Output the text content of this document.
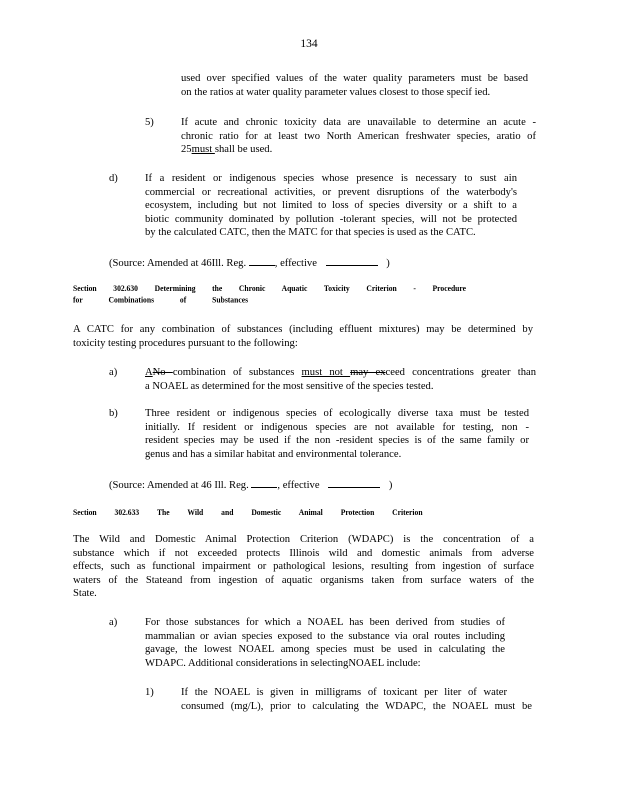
134
used over specified values of the water quality parameters must be based
on the ratios at water quality parameter values closest to those specif ied.
5)	If acute and chronic toxicity data are unavailable to determine an acute -
chronic ratio for at least two North American freshwater species, aratio of
25must shall be used.
d)	If a resident or indigenous species whose presence is necessary to sust ain
commercial or recreational activities, or prevent disruptions of the waterbody's
ecosystem, including but not limited to loss of species diversity or a shift to a
biotic community dominated by pollution -tolerant species, will not be protected
by the calculated CATC, then the MATC for that species is used as the CATC.
(Source: Amended at 46Ill. Reg.	, effective	)
Section 302.630 Determining the Chronic Aquatic Toxicity Criterion - Procedure
for Combinations of Substances
A CATC for any combination of substances (including effluent mixtures) may be determined by
toxicity testing procedures pursuant to the following:
a)	ANo combination of substances must not may exceed concentrations greater than
a NOAEL as determined for the most sensitive of the species tested.
b)	Three resident or indigenous species of ecologically diverse taxa must be tested
initially. If resident or indigenous species are not available for testing, non -
resident species may be used if the non -resident species is of the same family or
genus and has a similar habitat and environmental tolerance.
(Source: Amended at 46 Ill. Reg.	, effective	)
Section 302.633 The Wild and Domestic Animal Protection Criterion
The Wild and Domestic Animal Protection Criterion (WDAPC) is the concentration of a
substance which if not exceeded protects Illinois wild and domestic animals from adverse
effects, such as functional impairment or pathological lesions, resulting from ingestion of surface
waters of the Stateand from ingestion of aquatic organisms taken from surface waters of the
State.
a)	For those substances for which a NOAEL has been derived from studies of
mammalian or avian species exposed to the substance via oral routes including
gavage, the lowest NOAEL among species must be used in calculating the
WDAPC. Additional considerations in selectingNOAEL include:
1)	If the NOAEL is given in milligrams of toxicant per liter of water
consumed (mg/L), prior to calculating the WDAPC, the NOAEL must be
